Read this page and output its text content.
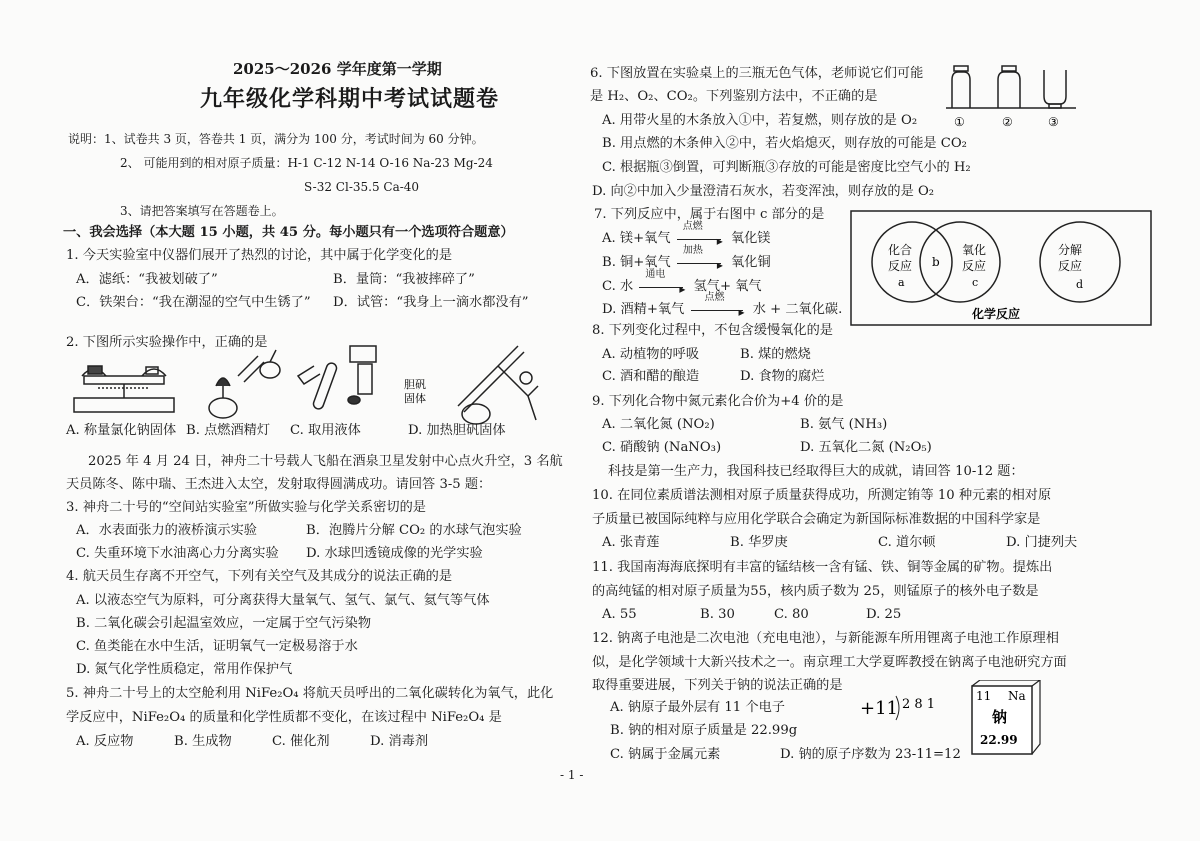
2025～2026 学年度第一学期
九年级化学科期中考试试题卷
说明：1、试卷共 3 页，答卷共 1 页，满分为 100 分，考试时间为 60 分钟。
2、 可能用到的相对原子质量：H-1 C-12 N-14 O-16 Na-23 Mg-24
S-32 Cl-35.5 Ca-40
3、请把答案填写在答题卷上。
一、我会选择（本大题 15 小题，共 45 分。每小题只有一个选项符合题意）
1. 今天实验室中仪器们展开了热烈的讨论，其中属于化学变化的是
A．滤纸：“我被划破了”	B．量筒：“我被摔碎了”
C．铁架台：“我在潮湿的空气中生锈了” D．试管：“我身上一滴水都没有”
2. 下图所示实验操作中，正确的是
胆矾
固体
A. 称量氯化钠固体 B. 点燃酒精灯 C. 取用液体	D. 加热胆矾固体
2025 年 4 月 24 日，神舟二十号载人飞船在酒泉卫星发射中心点火升空，3 名航
天员陈冬、陈中瑞、王杰进入太空，发射取得圆满成功。请回答 3-5 题：
3. 神舟二十号的“空间站实验室”所做实验与化学关系密切的是
A．水表面张力的液桥演示实验	B．泡腾片分解 CO₂ 的水球气泡实验
C. 失重环境下水油离心力分离实验 D. 水球凹透镜成像的光学实验
4. 航天员生存离不开空气，下列有关空气及其成分的说法正确的是
A. 以液态空气为原料，可分离获得大量氧气、氢气、氯气、氦气等气体
B. 二氧化碳会引起温室效应，一定属于空气污染物
C. 鱼类能在水中生活，证明氧气一定极易溶于水
D. 氮气化学性质稳定，常用作保护气
5. 神舟二十号上的太空舱利用 NiFe₂O₄ 将航天员呼出的二氧化碳转化为氧气，此化
学反应中，NiFe₂O₄ 的质量和化学性质都不变化，在该过程中 NiFe₂O₄ 是
A. 反应物	B. 生成物	C. 催化剂	D. 消毒剂
6. 下图放置在实验桌上的三瓶无色气体，老师说它们可能
是 H₂、O₂、CO₂。下列鉴别方法中，不正确的是
①	②	③
A. 用带火星的木条放入①中，若复燃，则存放的是 O₂
B. 用点燃的木条伸入②中，若火焰熄灭，则存放的可能是 CO₂
C. 根据瓶③倒置，可判断瓶③存放的可能是密度比空气小的 H₂
D. 向②中加入少量澄清石灰水，若变浑浊，则存放的是 O₂
7. 下列反应中，属于右图中 c 部分的是
A. 镁+氧气
点燃
▸ 氧化镁
B. 铜+氧气
加热
▸ 氧化铜
C. 水
通电
▸ 氢气+ 氧气
D. 酒精+氧气
点燃
▸ 水 + 二氧化碳.
化合
反应
a
b
氧化
反应
c
分解
反应
d
化学反应
8. 下列变化过程中，不包含缓慢氧化的是
A. 动植物的呼吸	B. 煤的燃烧
C. 酒和醋的酿造	D. 食物的腐烂
9. 下列化合物中氮元素化合价为+4 价的是
A. 二氧化氮 (NO₂)	B. 氨气 (NH₃)
C. 硝酸钠 (NaNO₃)	D. 五氧化二氮 (N₂O₅)
科技是第一生产力，我国科技已经取得巨大的成就，请回答 10-12 题：
10. 在同位素质谱法测相对原子质量获得成功，所测定铕等 10 种元素的相对原
子质量已被国际纯粹与应用化学联合会确定为新国际标准数据的中国科学家是
A. 张青莲	B. 华罗庚	C. 道尔顿	D. 门捷列夫
11. 我国南海海底探明有丰富的锰结核一含有锰、铁、铜等金属的矿物。提炼出
的高纯锰的相对原子质量为55，核内质子数为 25，则锰原子的核外电子数是
A. 55	B. 30	C. 80	D. 25
12. 钠离子电池是二次电池（充电电池），与新能源车所用锂离子电池工作原理相
似，是化学领域十大新兴技术之一。南京理工大学夏晖教授在钠离子电池研究方面
取得重要进展，下列关于钠的说法正确的是
A. 钠原子最外层有 11 个电子
B. 钠的相对原子质量是 22.99g
C. 钠属于金属元素	D. 钠的原子序数为 23-11=12
+11 2 8 1
11 Na
钠
22.99
- 1 -
